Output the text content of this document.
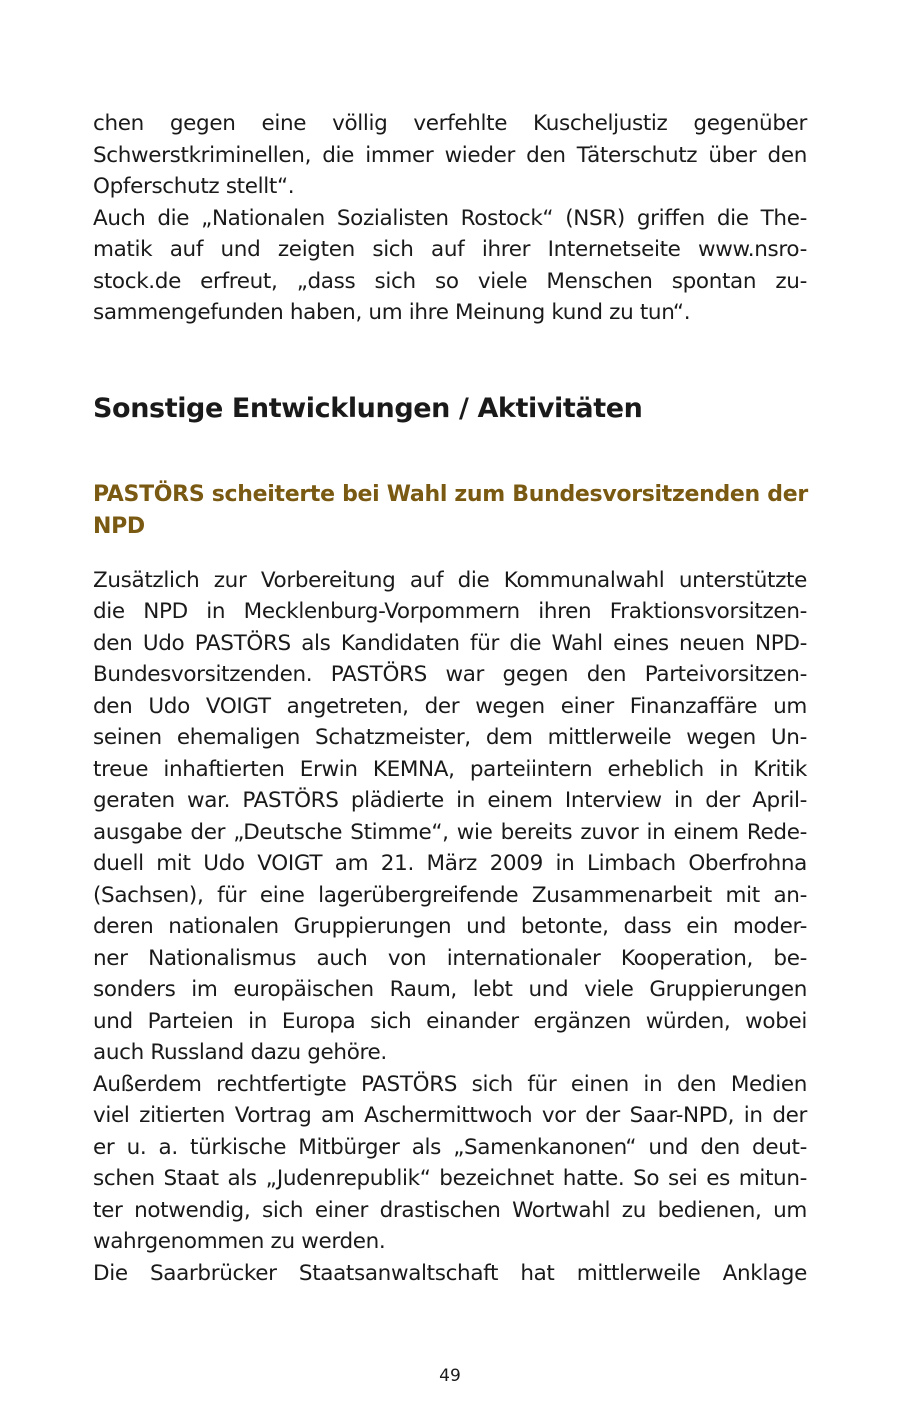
chen gegen eine völlig verfehlte Kuscheljustiz gegenüber
Schwerstkriminellen, die immer wieder den Täterschutz über den
Opferschutz stellt“.
Auch die „Nationalen Sozialisten Rostock“ (NSR) griffen die The-
matik auf und zeigten sich auf ihrer Internetseite www.nsro-
stock.de erfreut, „dass sich so viele Menschen spontan zu-
sammengefunden haben, um ihre Meinung kund zu tun“.
Sonstige Entwicklungen / Aktivitäten
PASTÖRS scheiterte bei Wahl zum Bundesvorsitzenden der
NPD
Zusätzlich zur Vorbereitung auf die Kommunalwahl unterstützte
die NPD in Mecklenburg-Vorpommern ihren Fraktionsvorsitzen-
den Udo PASTÖRS als Kandidaten für die Wahl eines neuen NPD-
Bundesvorsitzenden. PASTÖRS war gegen den Parteivorsitzen-
den Udo VOIGT angetreten, der wegen einer Finanzaffäre um
seinen ehemaligen Schatzmeister, dem mittlerweile wegen Un-
treue inhaftierten Erwin KEMNA, parteiintern erheblich in Kritik
geraten war. PASTÖRS plädierte in einem Interview in der April-
ausgabe der „Deutsche Stimme“, wie bereits zuvor in einem Rede-
duell mit Udo VOIGT am 21. März 2009 in Limbach Oberfrohna
(Sachsen), für eine lagerübergreifende Zusammenarbeit mit an-
deren nationalen Gruppierungen und betonte, dass ein moder-
ner Nationalismus auch von internationaler Kooperation, be-
sonders im europäischen Raum, lebt und viele Gruppierungen
und Parteien in Europa sich einander ergänzen würden, wobei
auch Russland dazu gehöre.
Außerdem rechtfertigte PASTÖRS sich für einen in den Medien
viel zitierten Vortrag am Aschermittwoch vor der Saar-NPD, in der
er u. a. türkische Mitbürger als „Samenkanonen“ und den deut-
schen Staat als „Judenrepublik“ bezeichnet hatte. So sei es mitun-
ter notwendig, sich einer drastischen Wortwahl zu bedienen, um
wahrgenommen zu werden.
Die Saarbrücker Staatsanwaltschaft hat mittlerweile Anklage
49
